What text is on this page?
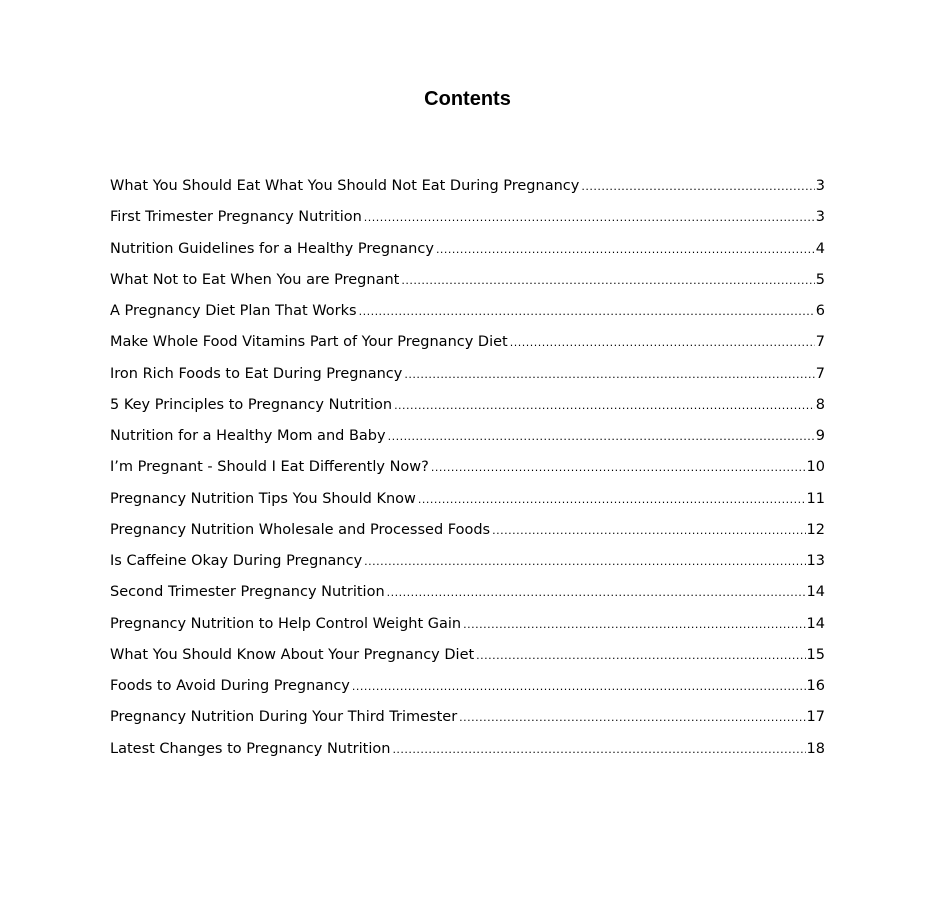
Contents
What You Should Eat What You Should Not Eat During Pregnancy .....	3
First Trimester Pregnancy Nutrition .....	3
Nutrition Guidelines for a Healthy Pregnancy .....	4
What Not to Eat When You are Pregnant .....	5
A Pregnancy Diet Plan That Works .....	6
Make Whole Food Vitamins Part of Your Pregnancy Diet .....	7
Iron Rich Foods to Eat During Pregnancy .....	7
5 Key Principles to Pregnancy Nutrition .....	8
Nutrition for a Healthy Mom and Baby .....	9
I’m Pregnant - Should I Eat Differently Now? .....	10
Pregnancy Nutrition Tips You Should Know .....	11
Pregnancy Nutrition Wholesale and Processed Foods .....	12
Is Caffeine Okay During Pregnancy .....	13
Second Trimester Pregnancy Nutrition .....	14
Pregnancy Nutrition to Help Control Weight Gain .....	14
What You Should Know About Your Pregnancy Diet .....	15
Foods to Avoid During Pregnancy .....	16
Pregnancy Nutrition During Your Third Trimester .....	17
Latest Changes to Pregnancy Nutrition .....	18
